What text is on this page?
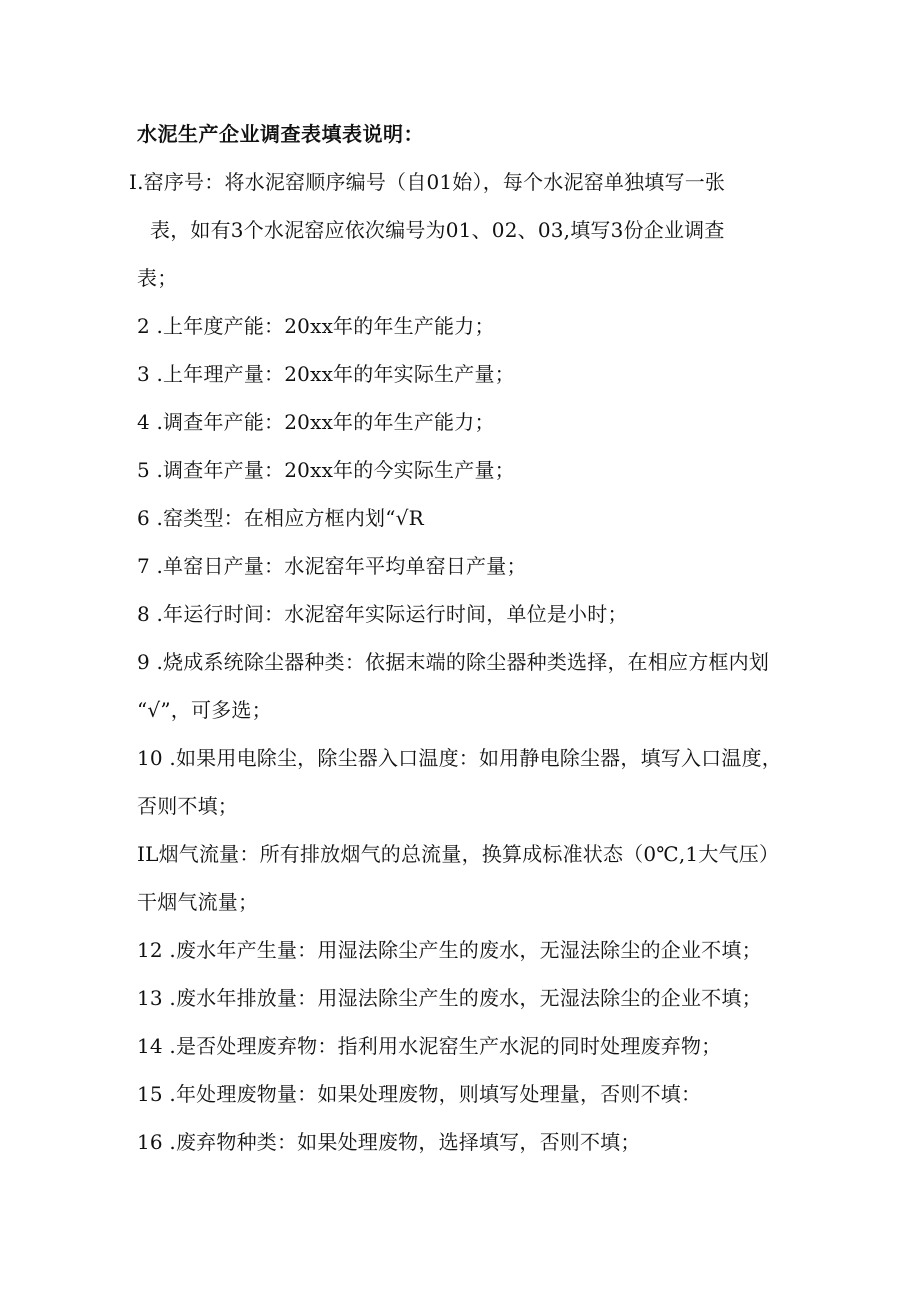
水泥生产企业调查表填表说明：
I.窑序号：将水泥窑顺序编号（自01始），每个水泥窑单独填写一张
表，如有3个水泥窑应依次编号为01、02、03,填写3份企业调查
表；
2 .上年度产能：20xx年的年生产能力；
3 .上年理产量：20xx年的年实际生产量；
4 .调查年产能：20xx年的年生产能力；
5 .调查年产量：20xx年的今实际生产量；
6 .窑类型：在相应方框内划“√R
7 .单窑日产量：水泥窑年平均单窑日产量；
8 .年运行时间：水泥窑年实际运行时间，单位是小时；
9 .烧成系统除尘器种类：依据末端的除尘器种类选择，在相应方框内划
“√”，可多选；
10 .如果用电除尘，除尘器入口温度：如用静电除尘器，填写入口温度，
否则不填；
IL烟气流量：所有排放烟气的总流量，换算成标准状态（0℃,1大气压）
干烟气流量；
12 .废水年产生量：用湿法除尘产生的废水，无湿法除尘的企业不填；
13 .废水年排放量：用湿法除尘产生的废水，无湿法除尘的企业不填；
14 .是否处理废弃物：指利用水泥窑生产水泥的同时处理废弃物；
15 .年处理废物量：如果处理废物，则填写处理量，否则不填：
16 .废弃物种类：如果处理废物，选择填写，否则不填；
